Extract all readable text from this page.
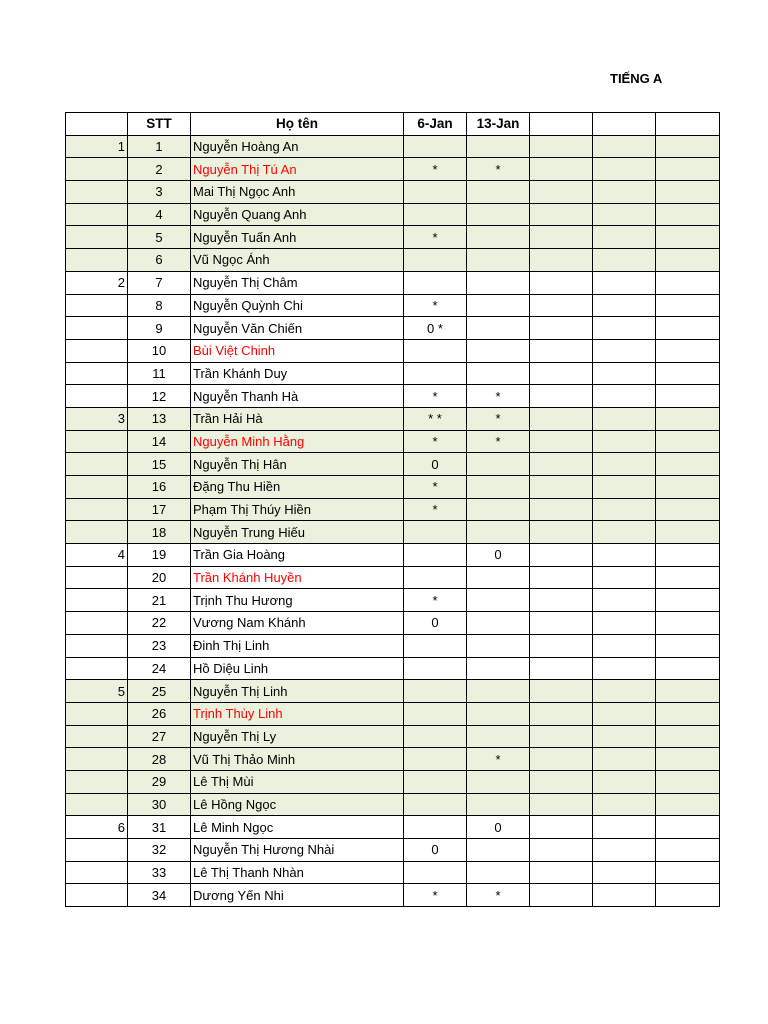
TIẾNG A
	STT	Họ tên	6-Jan	13-Jan			
1	1	Nguyễn Hoàng An					
	2	Nguyễn Thị Tú An	*	*			
	3	Mai Thị Ngọc Anh					
	4	Nguyễn Quang Anh					
	5	Nguyễn Tuấn Anh	*				
	6	Vũ Ngọc Ánh					
2	7	Nguyễn Thị Châm					
	8	Nguyễn Quỳnh Chi	*				
	9	Nguyễn Văn Chiến	0 *				
	10	Bùi Việt Chinh					
	11	Trần Khánh Duy					
	12	Nguyễn Thanh Hà	*	*			
3	13	Trần Hải Hà	* *	*			
	14	Nguyễn Minh Hằng	*	*			
	15	Nguyễn Thị Hân	0				
	16	Đặng Thu Hiền	*				
	17	Phạm Thị Thúy Hiền	*				
	18	Nguyễn Trung Hiếu					
4	19	Trần Gia Hoàng		0			
	20	Trần Khánh Huyền					
	21	Trịnh Thu Hương	*				
	22	Vương Nam Khánh	0				
	23	Đinh Thị Linh					
	24	Hồ Diệu Linh					
5	25	Nguyễn Thị Linh					
	26	Trịnh Thùy Linh					
	27	Nguyễn Thị Ly					
	28	Vũ Thị Thảo Minh		*			
	29	Lê Thị Mùi					
	30	Lê Hồng Ngọc					
6	31	Lê Minh Ngọc		0			
	32	Nguyễn Thị Hương Nhài	0				
	33	Lê Thị Thanh Nhàn					
	34	Dương Yến Nhi	*	*			
